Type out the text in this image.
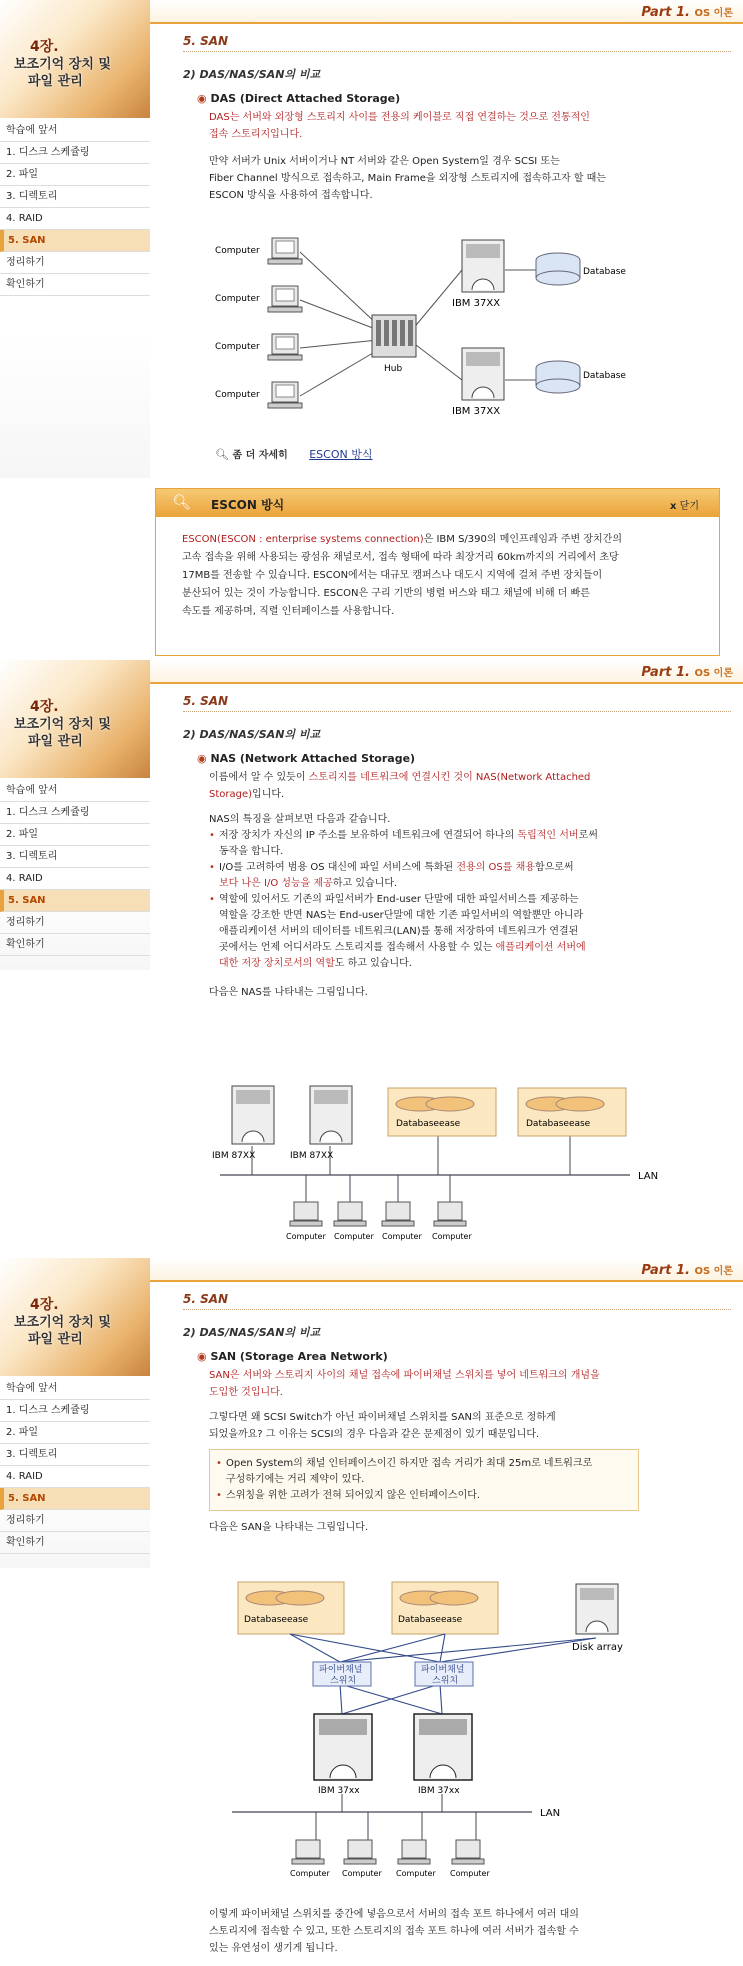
Part 1. OS 이론
4장.
보조기억 장치 및
파일 관리
학습에 앞서
1. 디스크 스케쥴링
2. 파일
3. 디렉토리
4. RAID
5. SAN
정리하기
확인하기
5. SAN
2) DAS/NAS/SAN의 비교
◉ DAS (Direct Attached Storage)
DAS는 서버와 외장형 스토리지 사이를 전용의 케이블로 직접 연결하는 것으로 전통적인
접속 스토리지입니다.
만약 서버가 Unix 서버이거나 NT 서버와 같은 Open System일 경우 SCSI 또는
Fiber Channel 방식으로 접속하고, Main Frame을 외장형 스토리지에 접속하고자 할 때는
ESCON 방식을 사용하여 접속합니다.
Computer
Computer
Computer
Computer
Hub
IBM 37XX
IBM 37XX
Database
Database
🔍︎ 좀 더 자세히 ESCON 방식
🔍︎ ESCON 방식	x 닫기
ESCON(ESCON : enterprise systems connection)은 IBM S/390의 메인프레임과 주변 장치간의
고속 접속을 위해 사용되는 광섬유 채널로서, 접속 형태에 따라 최장거리 60km까지의 거리에서 초당
17MB를 전송할 수 있습니다. ESCON에서는 대규모 캠퍼스나 대도시 지역에 걸쳐 주변 장치들이
분산되어 있는 것이 가능합니다. ESCON은 구리 기반의 병렬 버스와 태그 채널에 비해 더 빠른
속도를 제공하며, 직렬 인터페이스를 사용합니다.
Part 1. OS 이론
4장.
보조기억 장치 및
파일 관리
학습에 앞서
1. 디스크 스케쥴링
2. 파일
3. 디렉토리
4. RAID
5. SAN
정리하기
확인하기
5. SAN
2) DAS/NAS/SAN의 비교
◉ NAS (Network Attached Storage)
이름에서 알 수 있듯이 스토리지를 네트워크에 연결시킨 것이 NAS(Network Attached
Storage)입니다.
NAS의 특징을 살펴보면 다음과 같습니다.
• 저장 장치가 자신의 IP 주소를 보유하여 네트워크에 연결되어 하나의 독립적인 서버로써
동작을 합니다.
• I/O를 고려하여 범용 OS 대신에 파일 서비스에 특화된 전용의 OS를 채용함으로써
보다 나은 I/O 성능을 제공하고 있습니다.
• 역할에 있어서도 기존의 파일서버가 End-user 단말에 대한 파일서비스를 제공하는
역할을 강조한 반면 NAS는 End-user단말에 대한 기존 파일서버의 역할뿐만 아니라
애플리케이션 서버의 데이터를 네트워크(LAN)를 통해 저장하여 네트워크가 연결된
곳에서는 언제 어디서라도 스토리지를 접속해서 사용할 수 있는 애플리케이션 서버에
대한 저장 장치로서의 역할도 하고 있습니다.
다음은 NAS를 나타내는 그림입니다.
IBM 87XX	IBM 87XX
Databaseease	Databaseease
LAN
Computer Computer Computer Computer
Part 1. OS 이론
4장.
보조기억 장치 및
파일 관리
학습에 앞서
1. 디스크 스케쥴링
2. 파일
3. 디렉토리
4. RAID
5. SAN
정리하기
확인하기
5. SAN
2) DAS/NAS/SAN의 비교
◉ SAN (Storage Area Network)
SAN은 서버와 스토리지 사이의 채널 접속에 파이버채널 스위치를 넣어 네트워크의 개념을
도입한 것입니다.
그렇다면 왜 SCSI Switch가 아닌 파이버채널 스위치를 SAN의 표준으로 정하게
되었을까요? 그 이유는 SCSI의 경우 다음과 같은 문제점이 있기 때문입니다.
• Open System의 채널 인터페이스이긴 하지만 접속 거리가 최대 25m로 네트워크로
구성하기에는 거리 제약이 있다.
• 스위칭을 위한 고려가 전혀 되어있지 않은 인터페이스이다.
다음은 SAN을 나타내는 그림입니다.
Databaseease	Databaseease
Disk array
파이버채널
스위치
파이버채널
스위치
IBM 37xx	IBM 37xx
LAN
Computer Computer Computer Computer
이렇게 파이버채널 스위치를 중간에 넣음으로서 서버의 접속 포트 하나에서 여러 대의
스토리지에 접속할 수 있고, 또한 스토리지의 접속 포트 하나에 여러 서버가 접속할 수
있는 유연성이 생기게 됩니다.
